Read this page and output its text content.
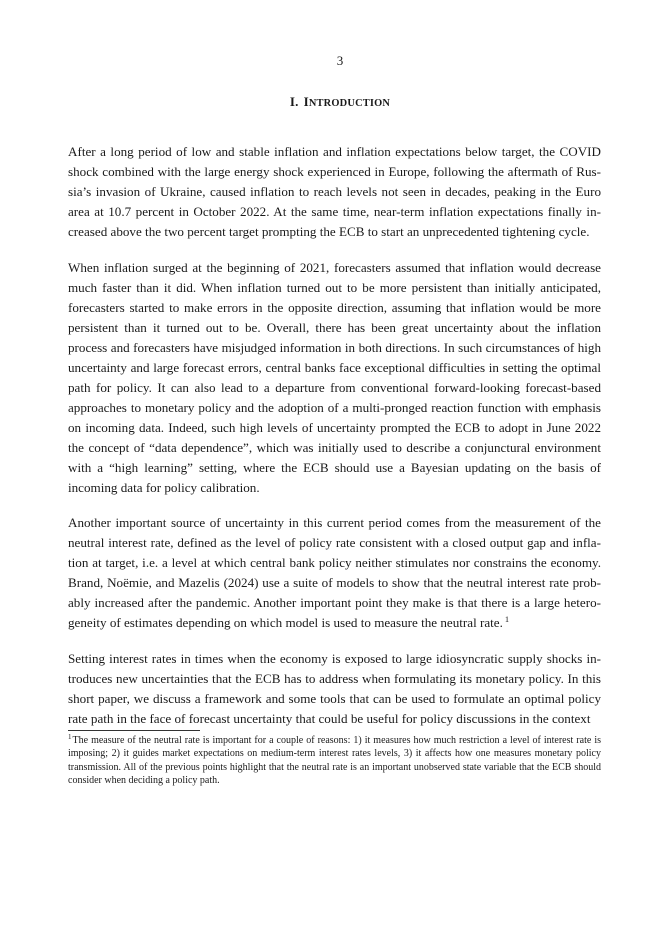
3
I. INTRODUCTION

After a long period of low and stable inflation and inflation expectations below target, the COVID shock combined with the large energy shock experienced in Europe, following the aftermath of Russia’s invasion of Ukraine, caused inflation to reach levels not seen in decades, peaking in the Euro area at 10.7 percent in October 2022. At the same time, near-term inflation expectations finally increased above the two percent target prompting the ECB to start an unprecedented tightening cycle.

When inflation surged at the beginning of 2021, forecasters assumed that inflation would decrease much faster than it did. When inflation turned out to be more persistent than initially anticipated, forecasters started to make errors in the opposite direction, assuming that inflation would be more persistent than it turned out to be. Overall, there has been great uncertainty about the inflation process and forecasters have misjudged information in both directions. In such circumstances of high uncertainty and large forecast errors, central banks face exceptional difficulties in setting the optimal path for policy. It can also lead to a departure from conventional forward-looking forecast-based approaches to monetary policy and the adoption of a multi-pronged reaction function with emphasis on incoming data. Indeed, such high levels of uncertainty prompted the ECB to adopt in June 2022 the concept of “data dependence”, which was initially used to describe a conjunctural environment with a “high learning” setting, where the ECB should use a Bayesian updating on the basis of incoming data for policy calibration.

Another important source of uncertainty in this current period comes from the measurement of the neutral interest rate, defined as the level of policy rate consistent with a closed output gap and inflation at target, i.e. a level at which central bank policy neither stimulates nor constrains the economy. Brand, Noëmie, and Mazelis (2024) use a suite of models to show that the neutral interest rate probably increased after the pandemic. Another important point they make is that there is a large heterogeneity of estimates depending on which model is used to measure the neutral rate. $^1$

Setting interest rates in times when the economy is exposed to large idiosyncratic supply shocks introduces new uncertainties that the ECB has to address when formulating its monetary policy. In this short paper, we discuss a framework and some tools that can be used to formulate an optimal policy rate path in the face of forecast uncertainty that could be useful for policy discussions in the context

$^1$The measure of the neutral rate is important for a couple of reasons: 1) it measures how much restriction a level of interest rate is imposing; 2) it guides market expectations on medium-term interest rates levels, 3) it affects how one measures monetary policy transmission. All of the previous points highlight that the neutral rate is an important unobserved state variable that the ECB should consider when deciding a policy path.
